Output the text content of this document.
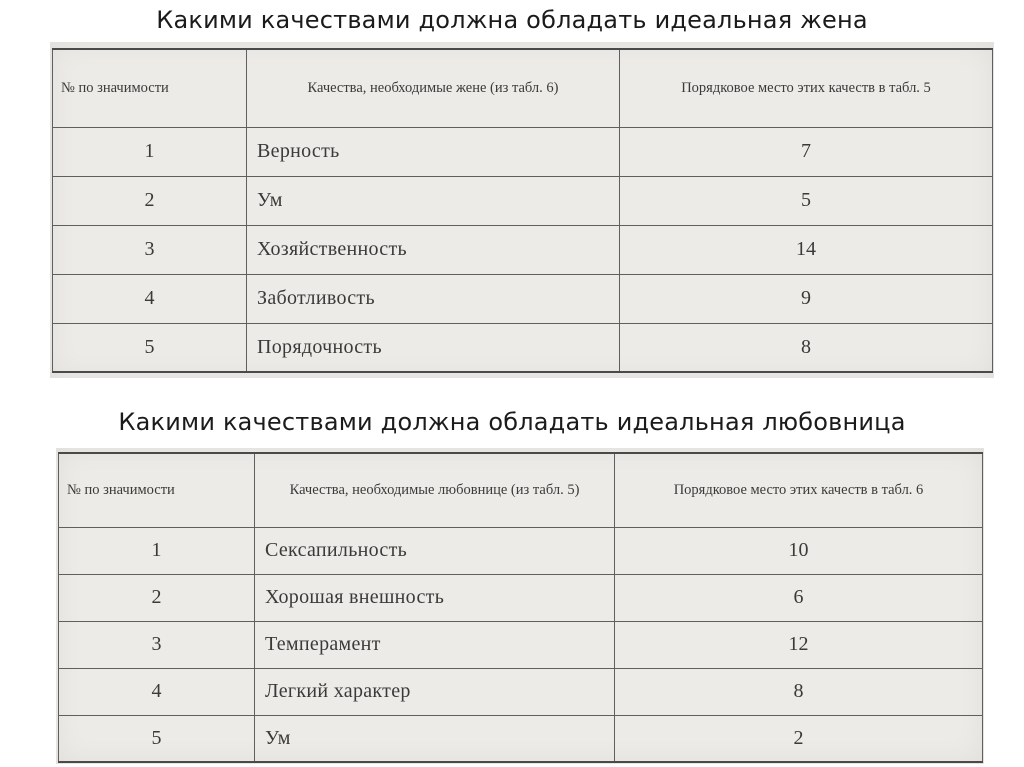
Какими качествами должна обладать идеальная жена
№ по значимости	Качества, необходимые жене (из табл. 6)	Порядковое место этих качеств в табл. 5
1	Верность	7
2	Ум	5
3	Хозяйственность	14
4	Заботливость	9
5	Порядочность	8
Какими качествами должна обладать идеальная любовница
№ по значимости	Качества, необходимые любовнице (из табл. 5)	Порядковое место этих качеств в табл. 6
1	Сексапильность	10
2	Хорошая внешность	6
3	Темперамент	12
4	Легкий характер	8
5	Ум	2
